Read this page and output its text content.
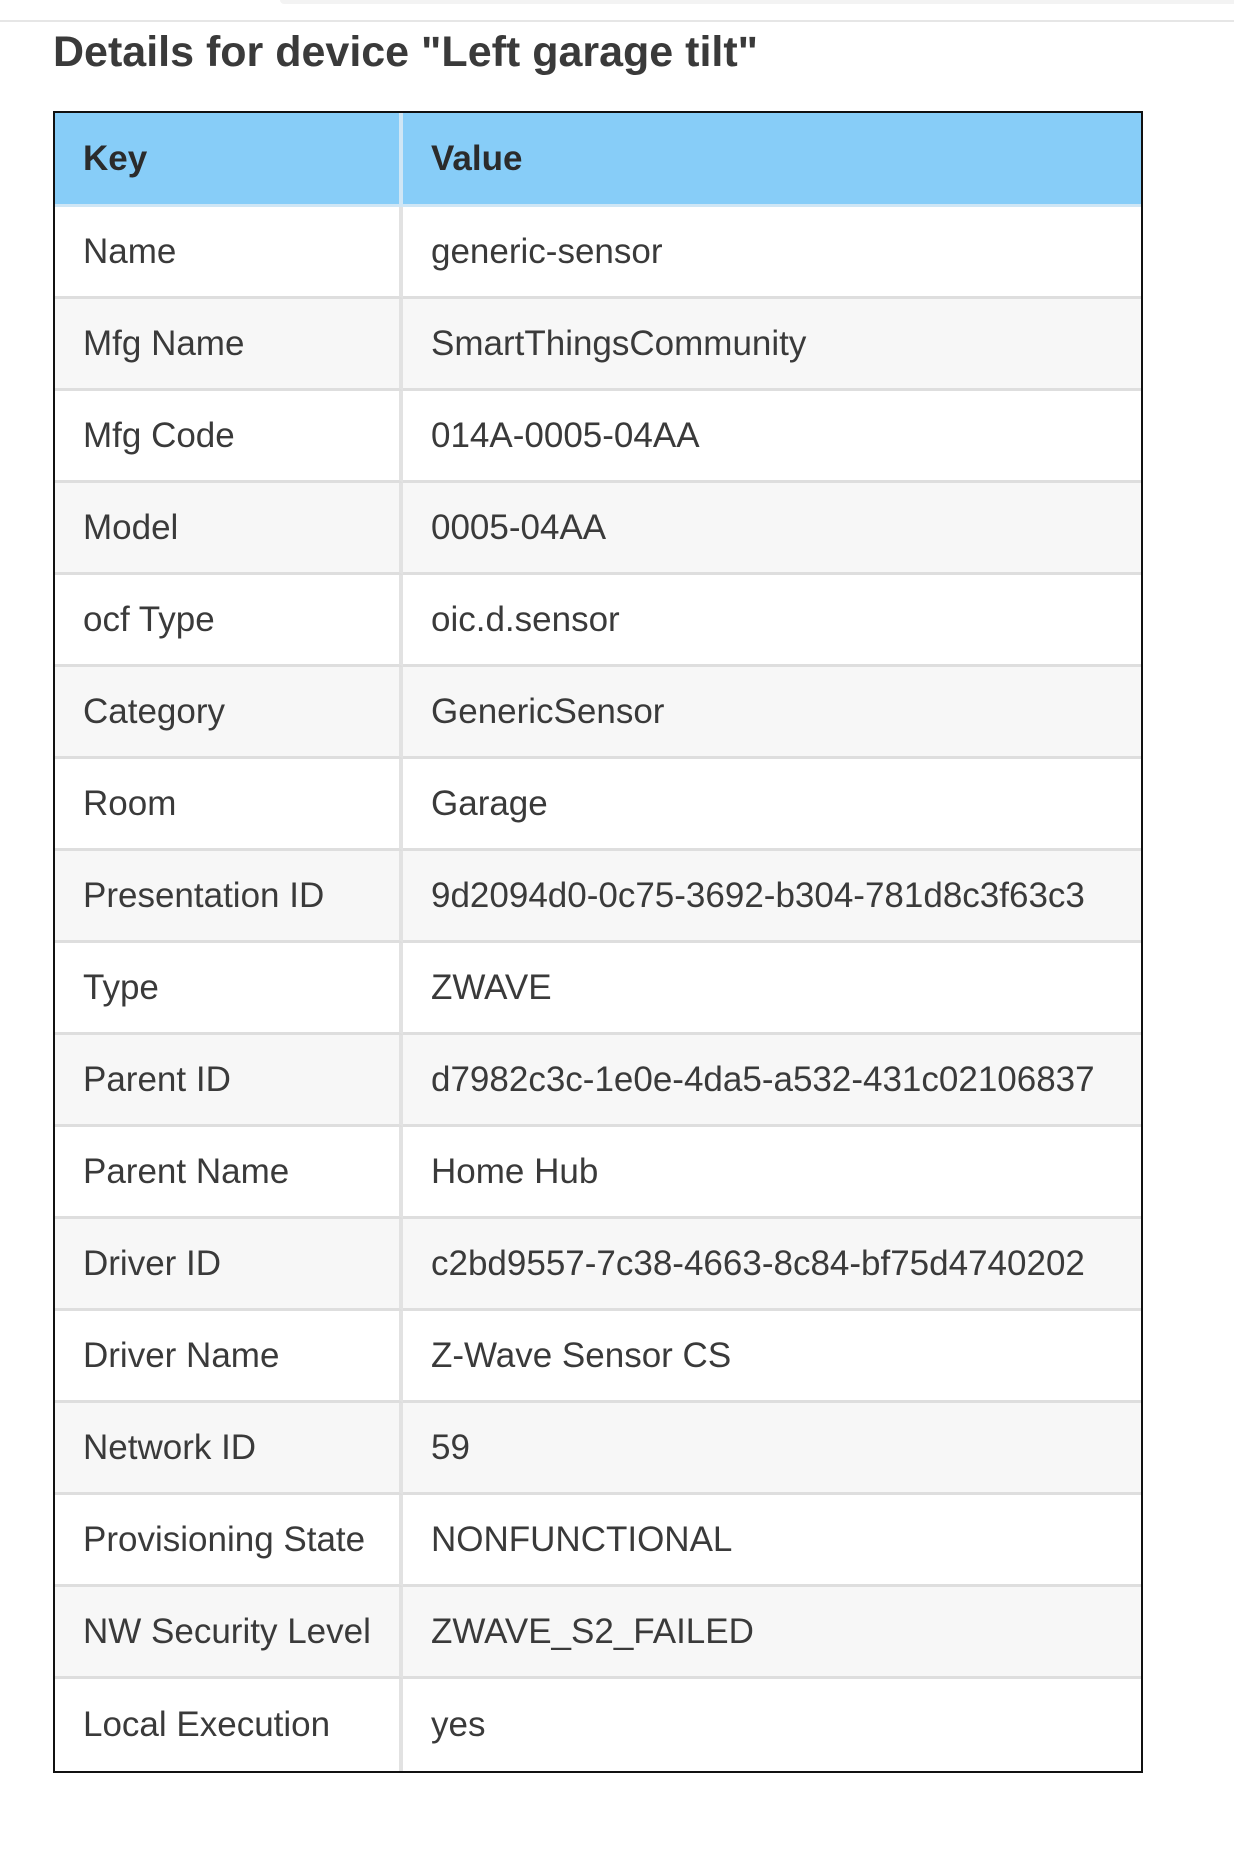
Details for device "Left garage tilt"
Key	Value
Name	generic-sensor
Mfg Name	SmartThingsCommunity
Mfg Code	014A-0005-04AA
Model	0005-04AA
ocf Type	oic.d.sensor
Category	GenericSensor
Room	Garage
Presentation ID	9d2094d0-0c75-3692-b304-781d8c3f63c3
Type	ZWAVE
Parent ID	d7982c3c-1e0e-4da5-a532-431c02106837
Parent Name	Home Hub
Driver ID	c2bd9557-7c38-4663-8c84-bf75d4740202
Driver Name	Z-Wave Sensor CS
Network ID	59
Provisioning State	NONFUNCTIONAL
NW Security Level	ZWAVE_S2_FAILED
Local Execution	yes
